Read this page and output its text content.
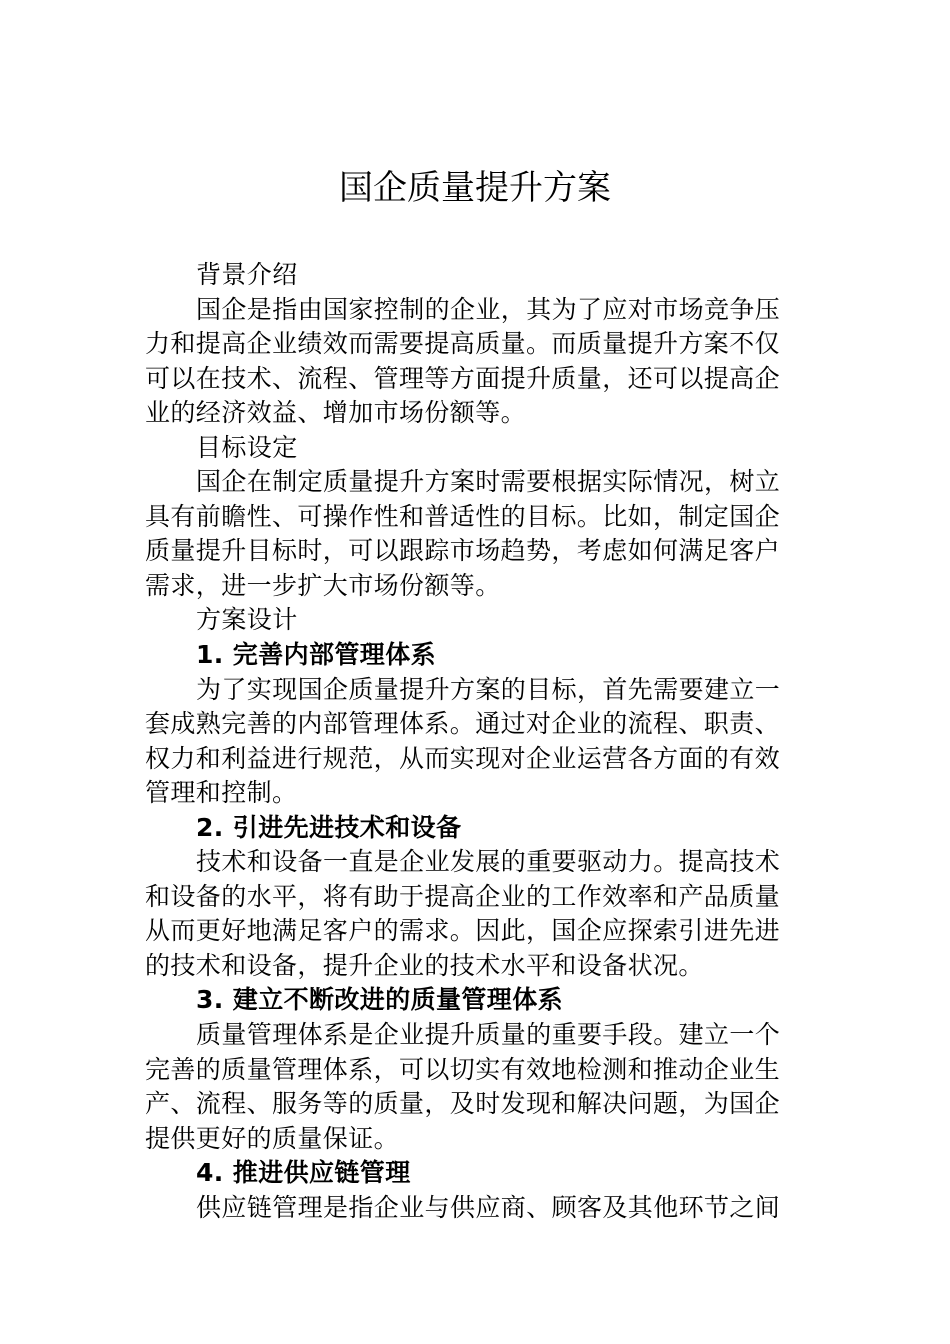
国企质量提升方案
背景介绍
国企是指由国家控制的企业，其为了应对市场竞争压
力和提高企业绩效而需要提高质量。而质量提升方案不仅
可以在技术、流程、管理等方面提升质量，还可以提高企
业的经济效益、增加市场份额等。
目标设定
国企在制定质量提升方案时需要根据实际情况，树立
具有前瞻性、可操作性和普适性的目标。比如，制定国企
质量提升目标时，可以跟踪市场趋势，考虑如何满足客户
需求，进一步扩大市场份额等。
方案设计
1. 完善内部管理体系
为了实现国企质量提升方案的目标，首先需要建立一
套成熟完善的内部管理体系。通过对企业的流程、职责、
权力和利益进行规范，从而实现对企业运营各方面的有效
管理和控制。
2. 引进先进技术和设备
技术和设备一直是企业发展的重要驱动力。提高技术
和设备的水平，将有助于提高企业的工作效率和产品质量
从而更好地满足客户的需求。因此，国企应探索引进先进
的技术和设备，提升企业的技术水平和设备状况。
3. 建立不断改进的质量管理体系
质量管理体系是企业提升质量的重要手段。建立一个
完善的质量管理体系，可以切实有效地检测和推动企业生
产、流程、服务等的质量，及时发现和解决问题，为国企
提供更好的质量保证。
4. 推进供应链管理
供应链管理是指企业与供应商、顾客及其他环节之间
